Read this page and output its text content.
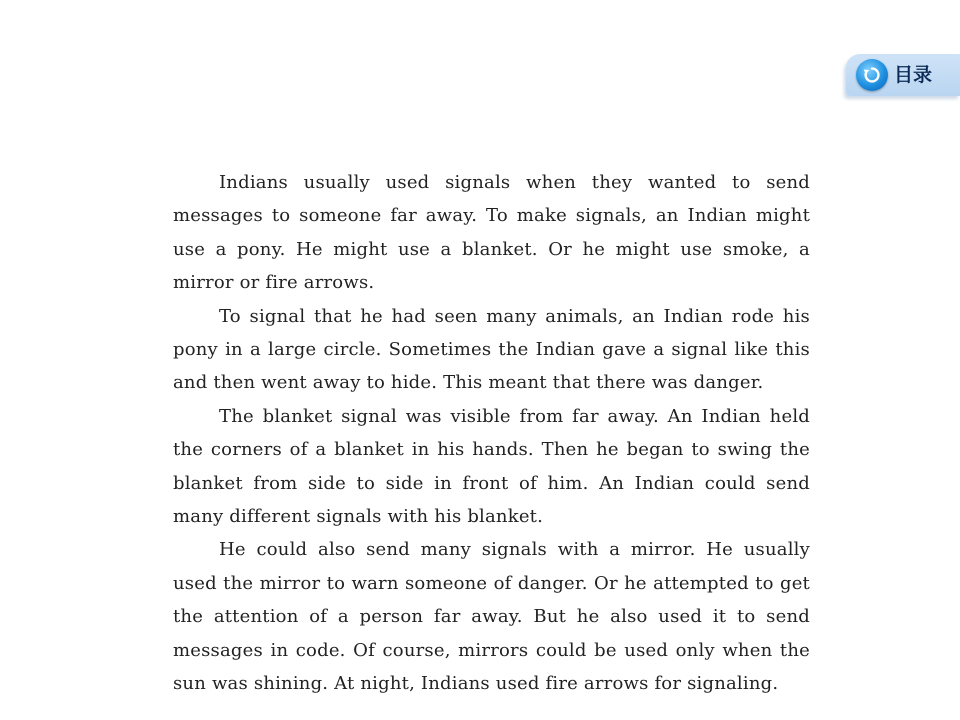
目录

Indians usually used signals when they wanted to send messages to someone far away. To make signals, an Indian might use a pony. He might use a blanket. Or he might use smoke, a mirror or fire arrows.

To signal that he had seen many animals, an Indian rode his pony in a large circle. Sometimes the Indian gave a signal like this and then went away to hide. This meant that there was danger.

The blanket signal was visible from far away. An Indian held the corners of a blanket in his hands. Then he began to swing the blanket from side to side in front of him. An Indian could send many different signals with his blanket.

He could also send many signals with a mirror. He usually used the mirror to warn someone of danger. Or he attempted to get the attention of a person far away. But he also used it to send messages in code. Of course, mirrors could be used only when the sun was shining. At night, Indians used fire arrows for signaling.
